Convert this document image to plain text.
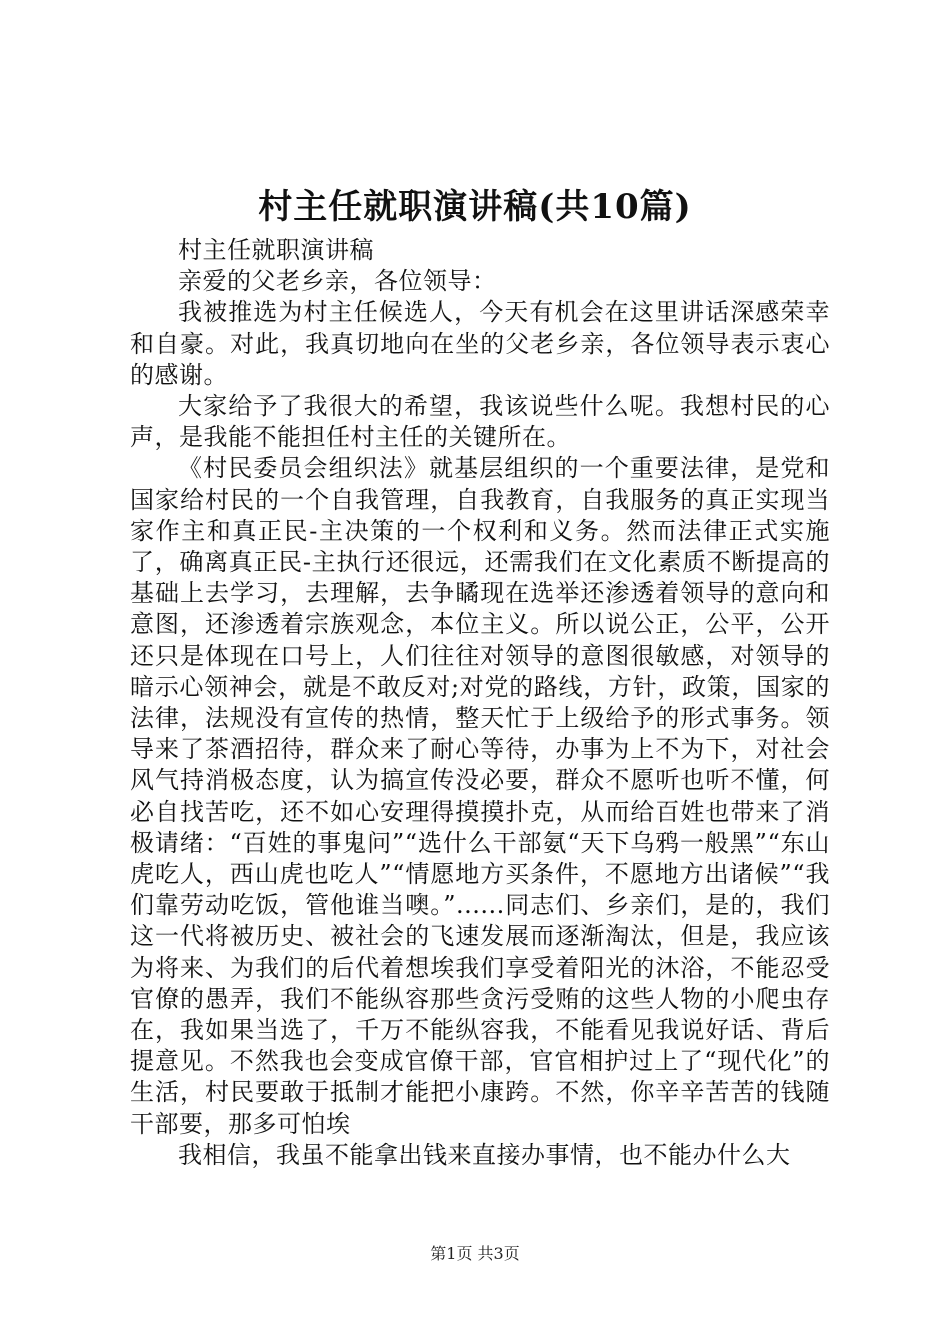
村主任就职演讲稿(共10篇)

村主任就职演讲稿

亲爱的父老乡亲，各位领导：

我被推选为村主任候选人，今天有机会在这里讲话深感荣幸和自豪。对此，我真切地向在坐的父老乡亲，各位领导表示衷心的感谢。

大家给予了我很大的希望，我该说些什么呢。我想村民的心声，是我能不能担任村主任的关键所在。

《村民委员会组织法》就基层组织的一个重要法律，是党和国家给村民的一个自我管理，自我教育，自我服务的真正实现当家作主和真正民-主决策的一个权利和义务。然而法律正式实施了，确离真正民-主执行还很远，还需我们在文化素质不断提高的基础上去学习，去理解，去争瞲现在选举还渗透着领导的意向和意图，还渗透着宗族观念，本位主义。所以说公正，公平，公开还只是体现在口号上，人们往往对领导的意图很敏感，对领导的暗示心领神会，就是不敢反对;对党的路线，方针，政策，国家的法律，法规没有宣传的热情，整天忙于上级给予的形式事务。领导来了茶酒招待，群众来了耐心等待，办事为上不为下，对社会风气持消极态度，认为搞宣传没必要，群众不愿听也听不懂，何必自找苦吃，还不如心安理得摸摸扑克，从而给百姓也带来了消极请绪：“百姓的事鬼问”“选什么干部氨“天下乌鸦一般黑”“东山虎吃人，西山虎也吃人”“情愿地方买条件，不愿地方出诸候”“我们靠劳动吃饭，管他谁当噢。”......同志们、乡亲们，是的，我们这一代将被历史、被社会的飞速发展而逐渐淘汰，但是，我应该为将来、为我们的后代着想埃我们享受着阳光的沐浴，不能忍受官僚的愚弄，我们不能纵容那些贪污受贿的这些人物的小爬虫存在，我如果当选了，千万不能纵容我，不能看见我说好话、背后提意见。不然我也会变成官僚干部，官官相护过上了“现代化”的生活，村民要敢于抵制才能把小康跨。不然，你辛辛苦苦的钱随干部要，那多可怕埃

我相信，我虽不能拿出钱来直接办事情，也不能办什么大

第1页 共3页
